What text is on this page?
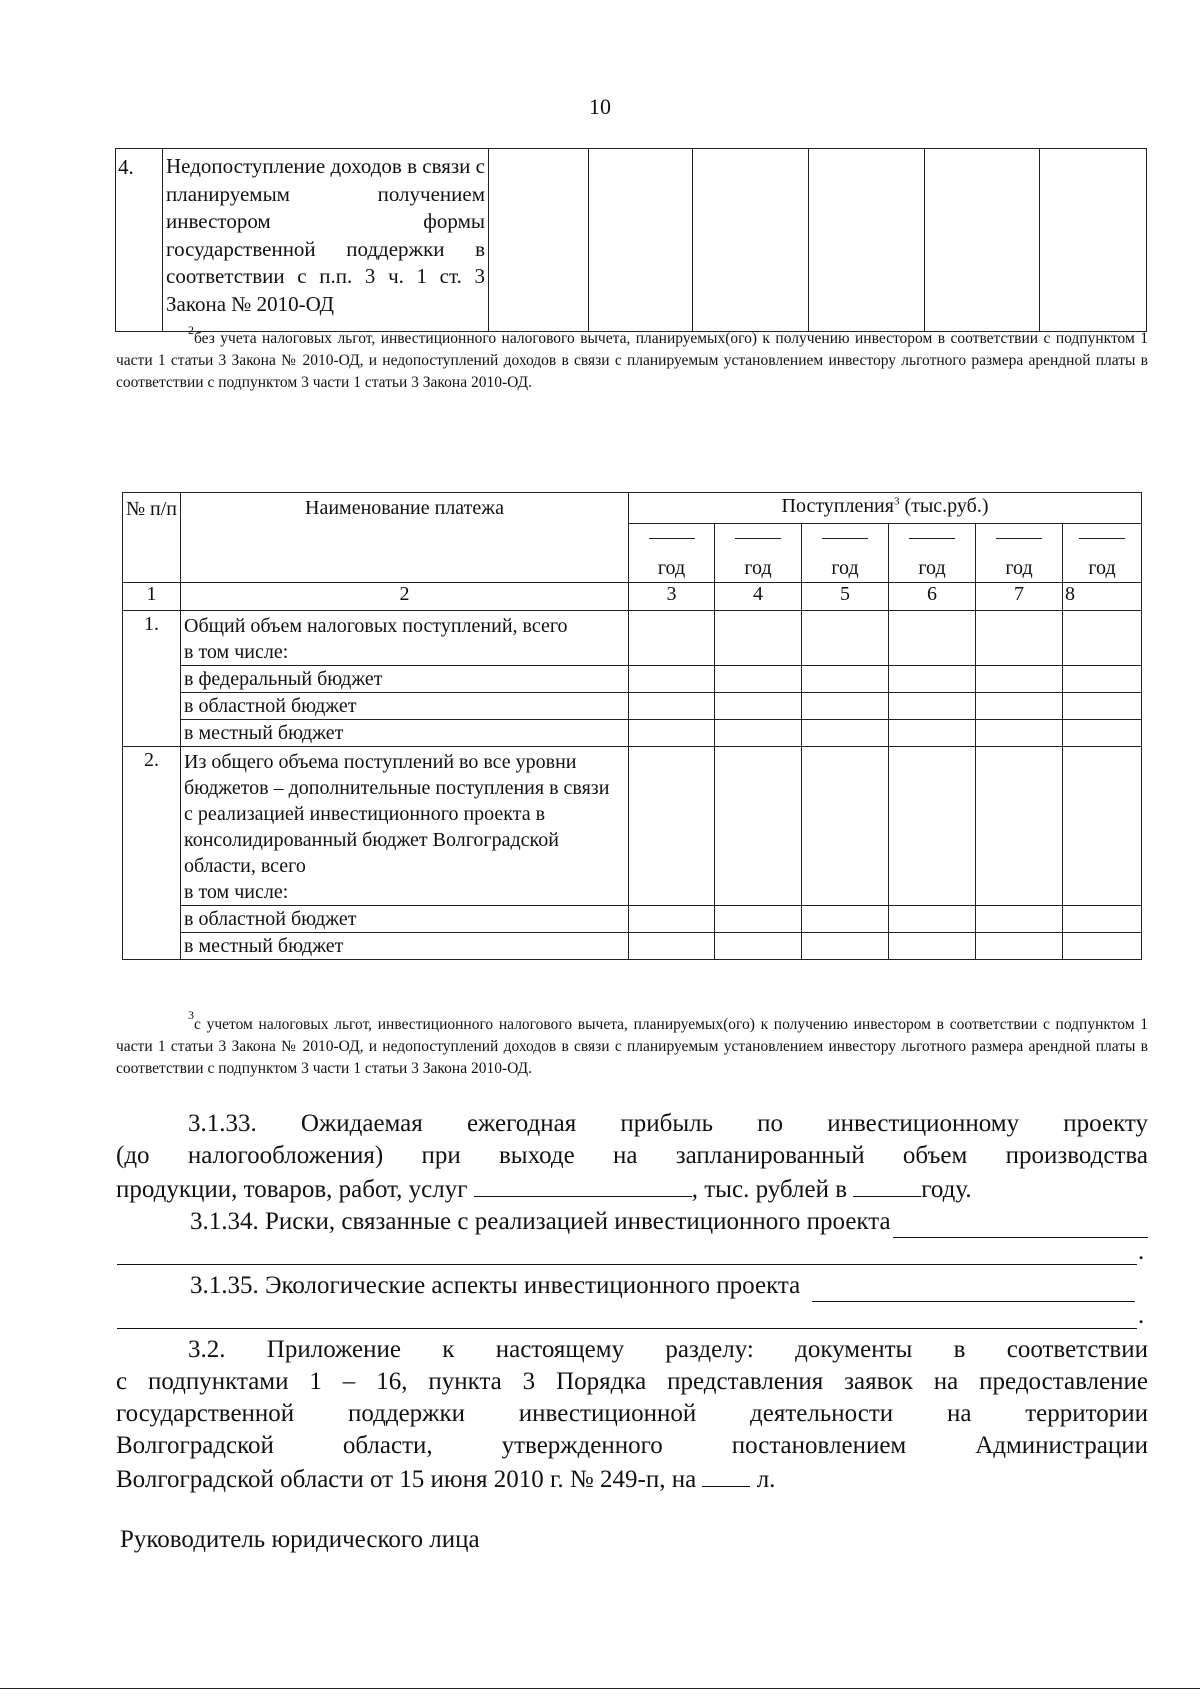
10
4.	Недопоступление доходов в связи с
планируемым получением
инвестором формы
государственной поддержки в
соответствии с п.п. 3 ч. 1 ст. 3
Закона № 2010-ОД

2 без учета налоговых льгот, инвестиционного налогового вычета, планируемых(ого) к получению инвестором в соответствии с подпунктом 1 части 1 статьи 3 Закона № 2010-ОД, и недопоступлений доходов в связи с планируемым установлением инвестору льготного размера арендной платы в соответствии с подпунктом 3 части 1 статьи 3 Закона 2010-ОД.
№ п/п	Наименование платежа	Поступления$^3$ (тыс.руб.)					

		год	год	год	год	год	год

1	2	3	4	5	6	7	8
1.	Общий объем налоговых поступлений, всего
в том числе:						
	в федеральный бюджет						
	в областной бюджет						
	в местный бюджет						
2.	Из общего объема поступлений во все уровни бюджетов – дополнительные поступления в связи с реализацией инвестиционного проекта в консолидированный бюджет Волгоградской области, всего
в том числе:						
	в областной бюджет						
	в местный бюджет						
3
с учетом налоговых льгот, инвестиционного налогового вычета, планируемых(ого) к получению инвестором в соответствии с подпунктом 1 части 1 статьи 3 Закона № 2010-ОД, и недопоступлений доходов в связи с планируемым установлением инвестору льготного размера арендной платы в соответствии с подпунктом 3 части 1 статьи 3 Закона 2010-ОД.
3.1.33. Ожидаемая ежегодная прибыль по инвестиционному проекту
(до налогообложения) при выходе на запланированный объем производства
продукции, товаров, работ, услуг	, тыс. рублей в	году.
3.1.34. Риски, связанные с реализацией инвестиционного проекта
.
3.1.35. Экологические аспекты инвестиционного проекта
.
3.2. Приложение к настоящему разделу: документы в соответствии
с подпунктами 1 – 16, пункта 3 Порядка представления заявок на предоставление
государственной поддержки инвестиционной деятельности на территории
Волгоградской области, утвержденного постановлением Администрации
Волгоградской области от 15 июня 2010 г. № 249-п, на л.
Руководитель юридического лица
